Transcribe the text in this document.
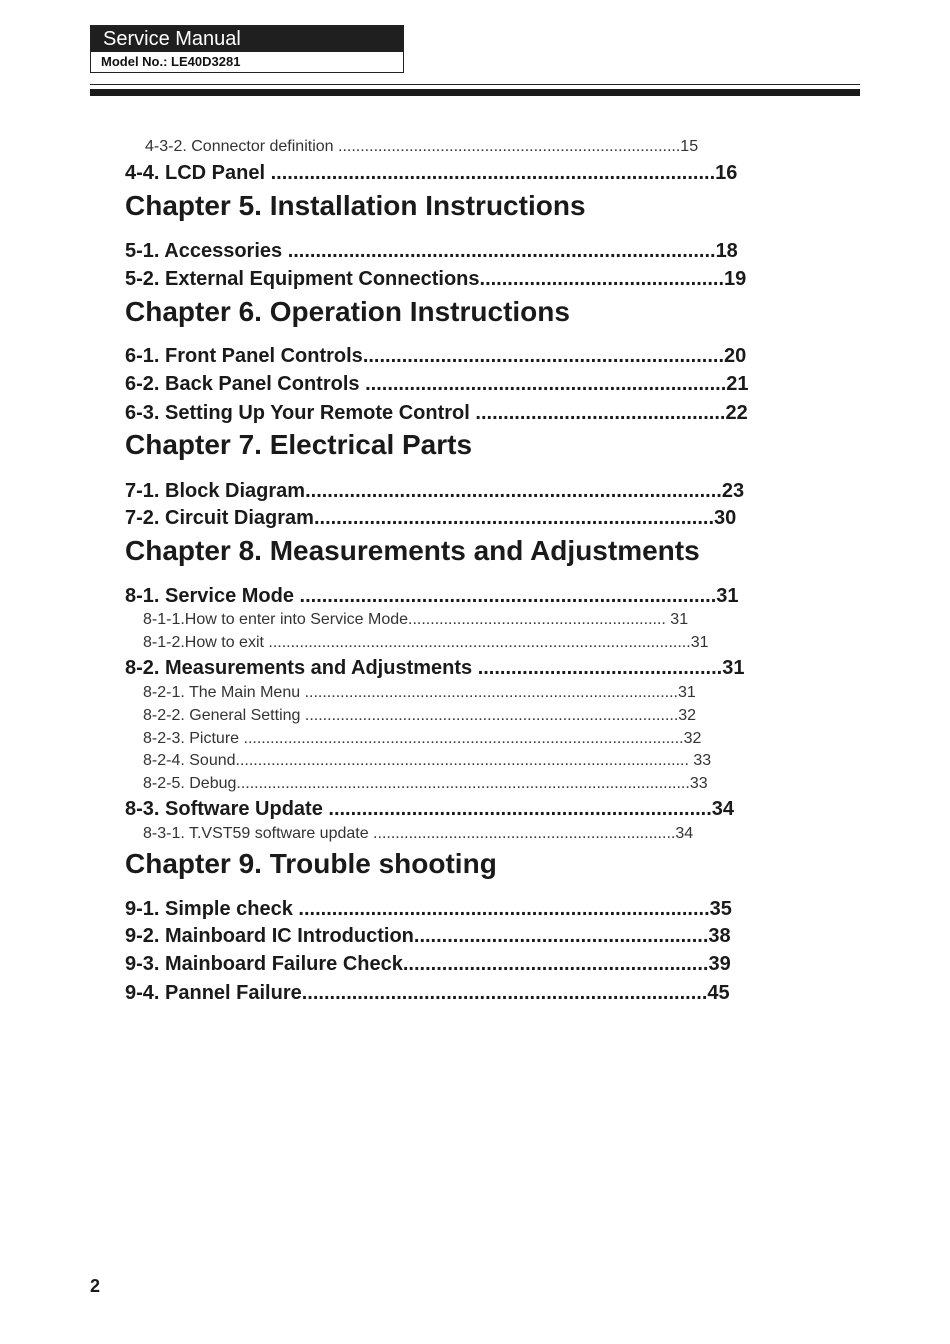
Service Manual
Model No.: LE40D3281
4-3-2. Connector definition .............................................................................15
4-4. LCD Panel ................................................................................16
Chapter 5. Installation Instructions
5-1. Accessories .............................................................................18
5-2. External Equipment Connections............................................19
Chapter 6. Operation Instructions
6-1. Front Panel Controls.................................................................20
6-2. Back Panel Controls .................................................................21
6-3. Setting Up Your Remote Control .............................................22
Chapter 7. Electrical Parts
7-1. Block Diagram...........................................................................23
7-2. Circuit Diagram........................................................................30
Chapter 8. Measurements and Adjustments
8-1. Service Mode ...........................................................................31
8-1-1.How to enter into Service Mode.......................................................... 31
8-1-2.How to exit ...............................................................................................31
8-2. Measurements and Adjustments ............................................31
8-2-1. The Main Menu ....................................................................................31
8-2-2. General Setting ....................................................................................32
8-2-3. Picture ...................................................................................................32
8-2-4. Sound...................................................................................................... 33
8-2-5. Debug......................................................................................................33
8-3. Software Update .....................................................................34
8-3-1. T.VST59 software update ....................................................................34
Chapter 9. Trouble shooting
9-1. Simple check ..........................................................................35
9-2. Mainboard IC Introduction.....................................................38
9-3. Mainboard Failure Check.......................................................39
9-4. Pannel Failure.........................................................................45
2
